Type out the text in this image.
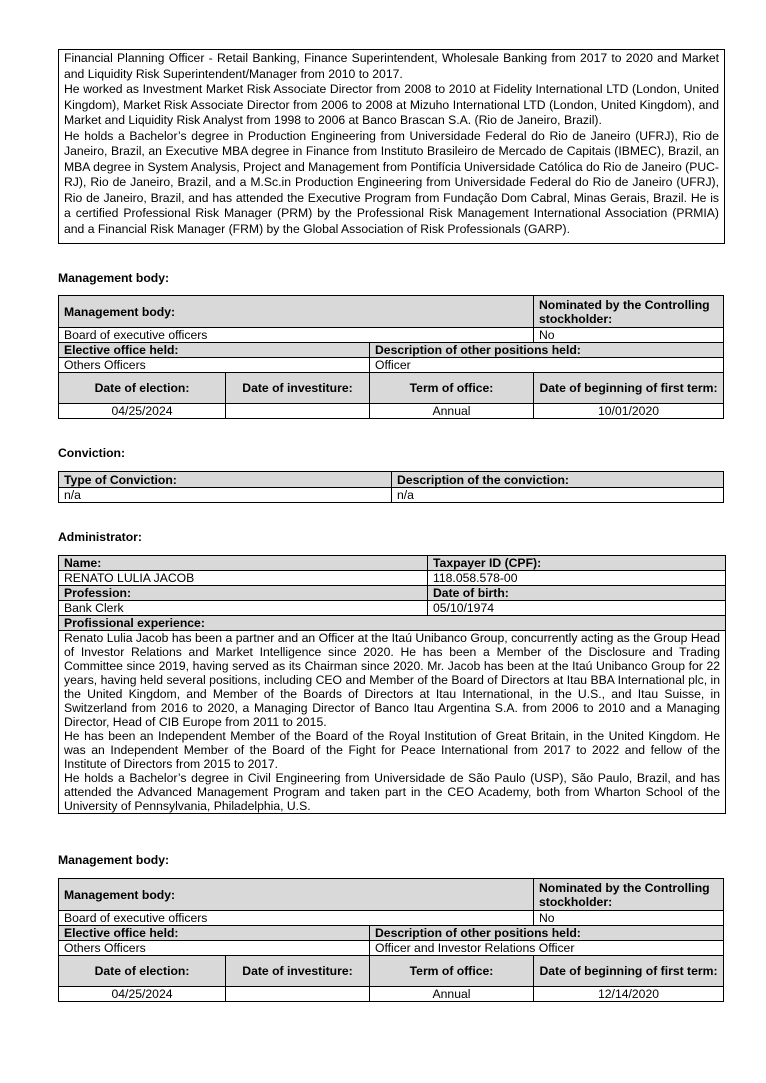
Financial Planning Officer - Retail Banking, Finance Superintendent, Wholesale Banking from 2017 to 2020 and Market and Liquidity Risk Superintendent/Manager from 2010 to 2017.

He worked as Investment Market Risk Associate Director from 2008 to 2010 at Fidelity International LTD (London, United Kingdom), Market Risk Associate Director from 2006 to 2008 at Mizuho International LTD (London, United Kingdom), and Market and Liquidity Risk Analyst from 1998 to 2006 at Banco Brascan S.A. (Rio de Janeiro, Brazil).

He holds a Bachelor’s degree in Production Engineering from Universidade Federal do Rio de Janeiro (UFRJ), Rio de Janeiro, Brazil, an Executive MBA degree in Finance from Instituto Brasileiro de Mercado de Capitais (IBMEC), Brazil, an MBA degree in System Analysis, Project and Management from Pontifícia Universidade Católica do Rio de Janeiro (PUC-RJ), Rio de Janeiro, Brazil, and a M.Sc.in Production Engineering from Universidade Federal do Rio de Janeiro (UFRJ), Rio de Janeiro, Brazil, and has attended the Executive Program from Fundação Dom Cabral, Minas Gerais, Brazil. He is a certified Professional Risk Manager (PRM) by the Professional Risk Management International Association (PRMIA) and a Financial Risk Manager (FRM) by the Global Association of Risk Professionals (GARP).

Management body:
Management body:			Nominated by the Controlling stockholder:
Board of executive officers			No
Elective office held:		Description of other positions held:	
Others Officers		Officer	
Date of election:	Date of investiture:	Term of office:	Date of beginning of first term:
04/25/2024		Annual	10/01/2020
Conviction:
Type of Conviction:	Description of the conviction:
n/a	n/a
Administrator:
Name:	Taxpayer ID (CPF):
RENATO LULIA JACOB	118.058.578-00
Profession:	Date of birth:
Bank Clerk	05/10/1974
Profissional experience:	

Renato Lulia Jacob has been a partner and an Officer at the Itaú Unibanco Group, concurrently acting as the Group Head of Investor Relations and Market Intelligence since 2020. He has been a Member of the Disclosure and Trading Committee since 2019, having served as its Chairman since 2020. Mr. Jacob has been at the Itaú Unibanco Group for 22 years, having held several positions, including CEO and Member of the Board of Directors at Itau BBA International plc, in the United Kingdom, and Member of the Boards of Directors at Itau International, in the U.S., and Itau Suisse, in Switzerland from 2016 to 2020, a Managing Director of Banco Itau Argentina S.A. from 2006 to 2010 and a Managing Director, Head of CIB Europe from 2011 to 2015.

He has been an Independent Member of the Board of the Royal Institution of Great Britain, in the United Kingdom. He was an Independent Member of the Board of the Fight for Peace International from 2017 to 2022 and fellow of the Institute of Directors from 2015 to 2017.

He holds a Bachelor’s degree in Civil Engineering from Universidade de São Paulo (USP), São Paulo, Brazil, and has attended the Advanced Management Program and taken part in the CEO Academy, both from Wharton School of the University of Pennsylvania, Philadelphia, U.S.	

Management body:
Management body:			Nominated by the Controlling stockholder:
Board of executive officers			No
Elective office held:		Description of other positions held:	
Others Officers		Officer and Investor Relations Officer	
Date of election:	Date of investiture:	Term of office:	Date of beginning of first term:
04/25/2024		Annual	12/14/2020
